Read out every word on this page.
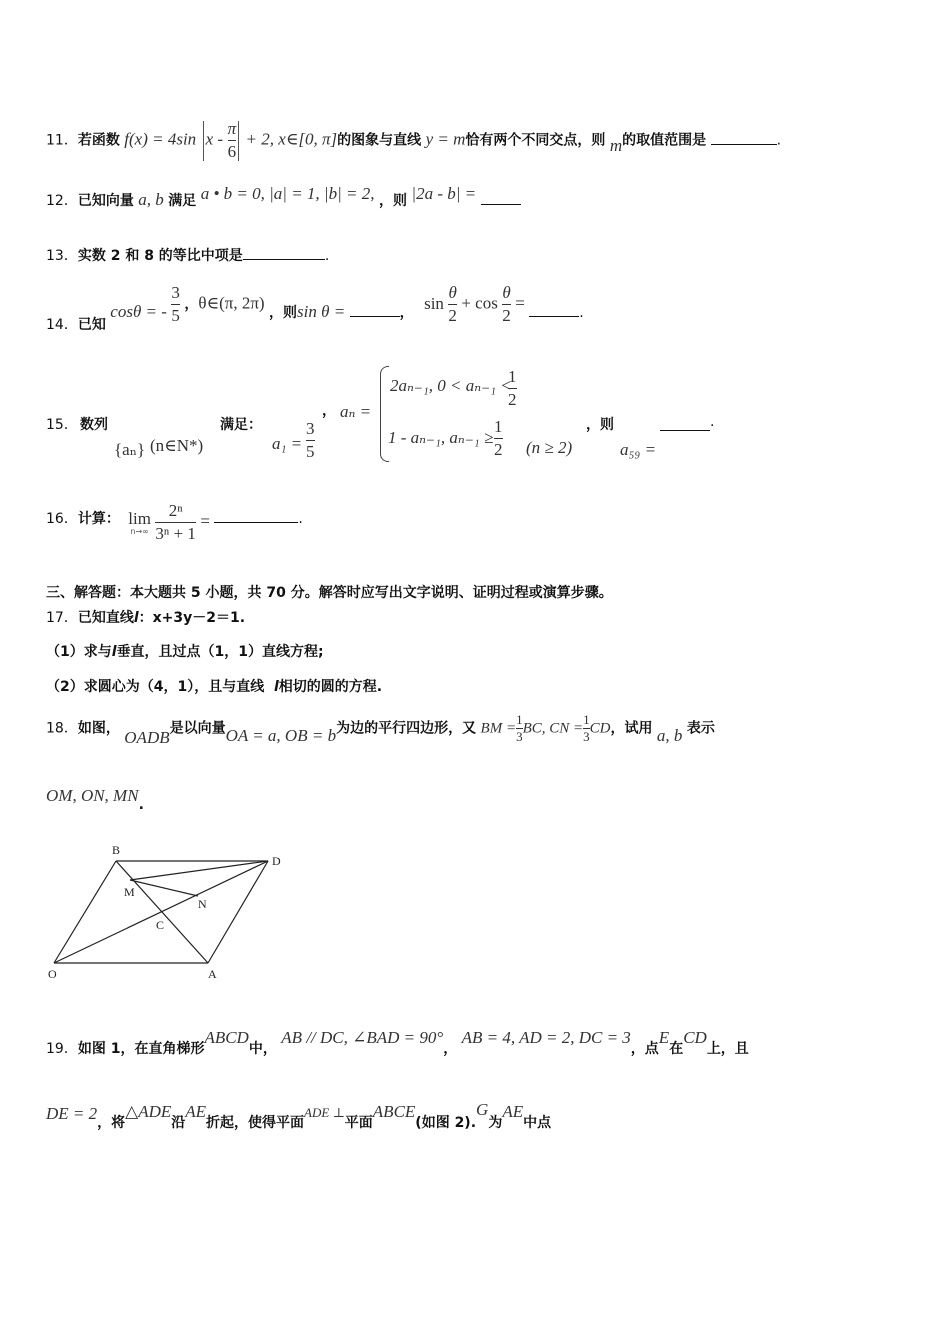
11．若函数 f(x) = 4sin $x - \frac{\pi}{6} + 2$, x∈[0, π]的图象与直线 y = m恰有两个不同交点，则 m的取值范围是	.
12．已知向量 a, b 满足 a • b = 0, |a| = 1, |b| = 2, ，则 |2a - b| =
13．实数 2 和 8 的等比中项是	.
14．已知 cosθ = - $\frac{3}{5}$ ，θ∈(π, 2π) ，则sin θ =	， $\sin \frac{\theta}{2} + \cos \frac{\theta}{2}$ =	.
15． 数列
{aₙ} (n∈N*)
满足：
$a_1 = \frac{3}{5}$
， aₙ =
2aₙ₋₁, 0 < aₙ₋₁ <
$\frac{1}{2}$
1 - aₙ₋₁, $a_{n-1} \ge \frac{1}{2} (n \ge 2)$
，则	.
a₅₉ =
16．计算： lim
n→∞
$\frac{\text{2ⁿ}}{\text{3ⁿ + 1}}$ =	.
三、解答题：本大题共 5 小题，共 70 分。解答时应写出文字说明、证明过程或演算步骤。
17．已知直线l：x+3y－2＝1.
（1）求与l垂直，且过点（1，1）直线方程;
（2）求圆心为（4，1），且与直线 l相切的圆的方程.
18．如图， OADB是以向量OA = a, OB = b为边的平行四边形，又 BM = $\frac{1}{3}$ BC, CN = $\frac{1}{3}$ CD，试用 a, b 表示
OM, ON, MN.
B
D
M
N
C
O	A
19．如图 1，在直角梯形ABCD中， AB // DC, ∠BAD = 90°， AB = 4, AD = 2, DC = 3，点E在CD上，且
DE = 2，将△ADE沿AE折起，使得平面ADE ⊥平面ABCE(如图 2).G为AE中点
